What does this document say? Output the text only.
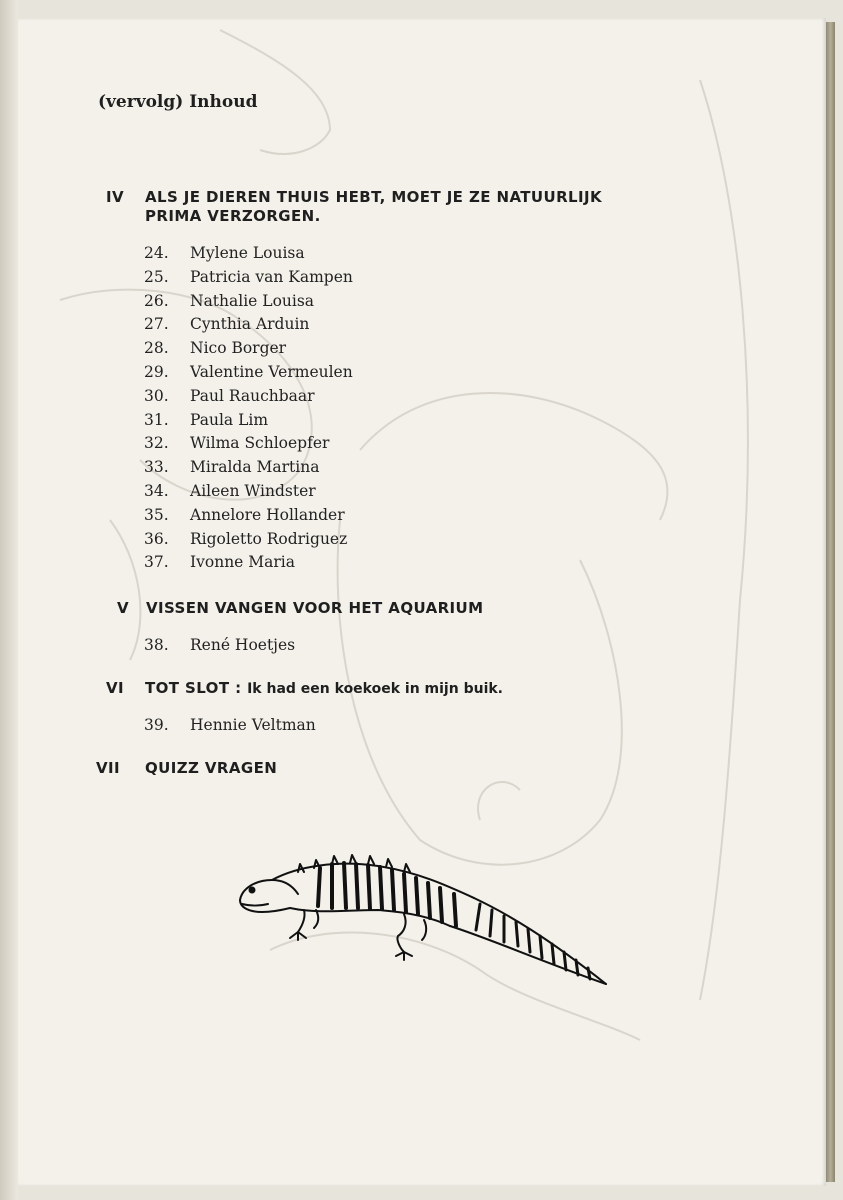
(vervolg) Inhoud
IV ALS JE DIEREN THUIS HEBT, MOET JE ZE NATUURLIJK
PRIMA VERZORGEN.
24. Mylene Louisa
25. Patricia van Kampen
26. Nathalie Louisa
27. Cynthia Arduin
28. Nico Borger
29. Valentine Vermeulen
30. Paul Rauchbaar
31. Paula Lim
32. Wilma Schloepfer
33. Miralda Martina
34. Aileen Windster
35. Annelore Hollander
36. Rigoletto Rodriguez
37. Ivonne Maria
V VISSEN VANGEN VOOR HET AQUARIUM
38. René Hoetjes
VI TOT SLOT : Ik had een koekoek in mijn buik.
39. Hennie Veltman
VII QUIZZ VRAGEN
